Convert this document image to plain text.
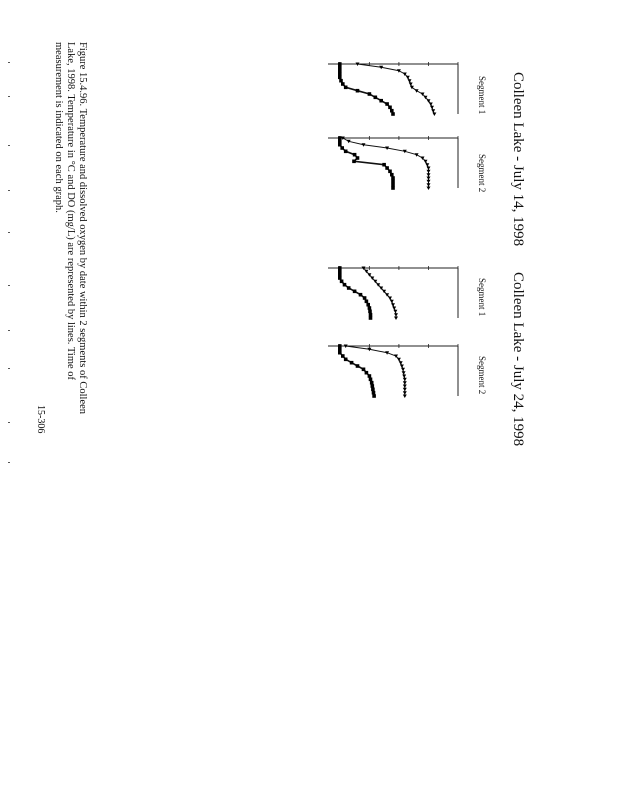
Colleen Lake - July 14, 1998
Segment 1
Segment 2
Colleen Lake - July 24, 1998
Segment 1
Segment 2
Figure 15.4.96. Temperature and dissolved oxygen by date within 2 segments of Colleen Lake, 1998. Temperature in °C and DO (mg/L) are represented by lines. Time of measurement is indicated on each graph.
15-306
